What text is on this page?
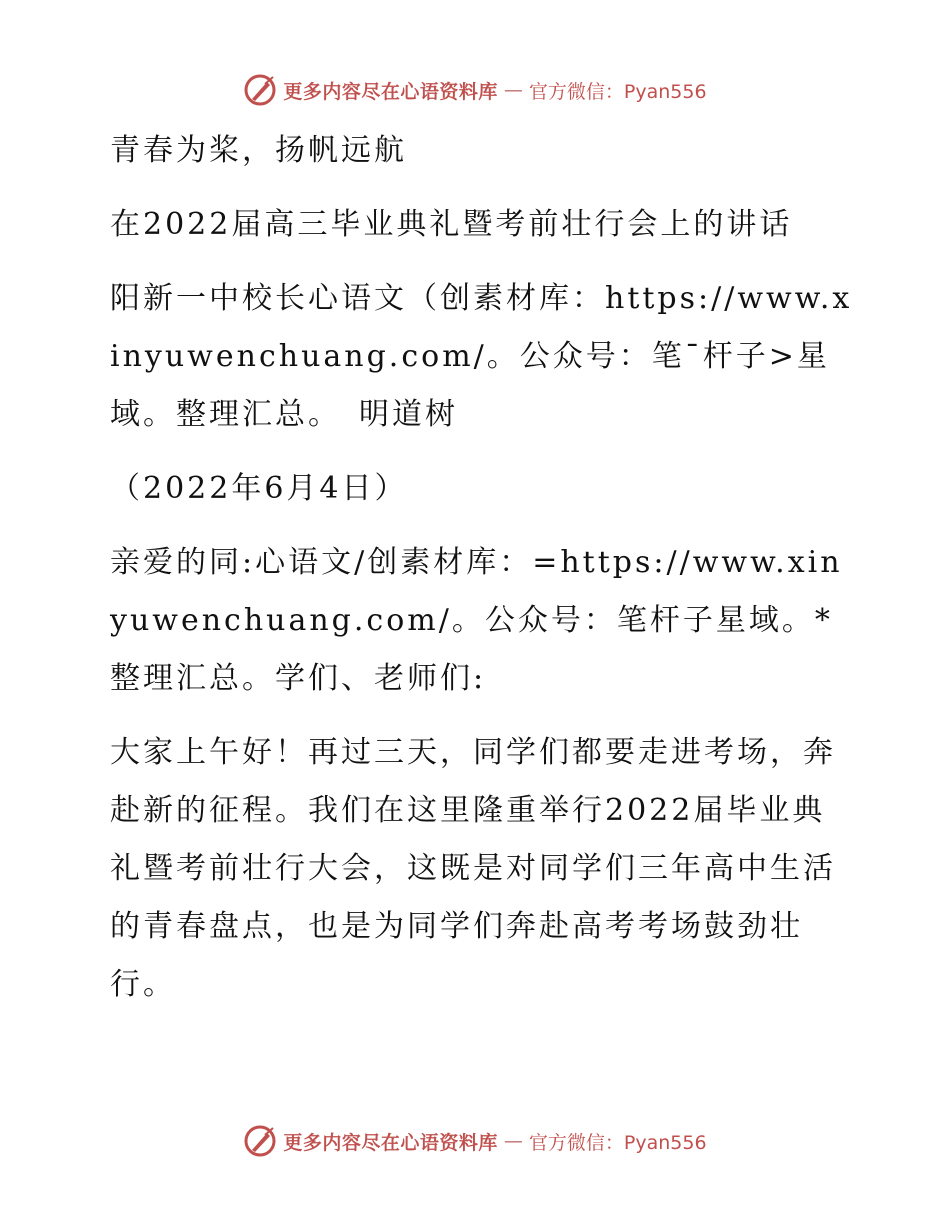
更多内容尽在心语资料库 — 官方微信：Pyan556

青春为桨，扬帆远航

在2022届高三毕业典礼暨考前壮行会上的讲话

阳新一中校长心语文（创素材库：https://www.xinyuwenchuang.com/。公众号：笔¯杆子>星域。整理汇总。　明道树

（2022年6月4日）

亲爱的同:心语文/创素材库：=https://www.xinyuwenchuang.com/。公众号：笔杆子星域。*整理汇总。学们、老师们:

大家上午好！再过三天，同学们都要走进考场，奔赴新的征程。我们在这里隆重举行2022届毕业典礼暨考前壮行大会，这既是对同学们三年高中生活的青春盘点，也是为同学们奔赴高考考场鼓劲壮行。

更多内容尽在心语资料库 — 官方微信：Pyan556
